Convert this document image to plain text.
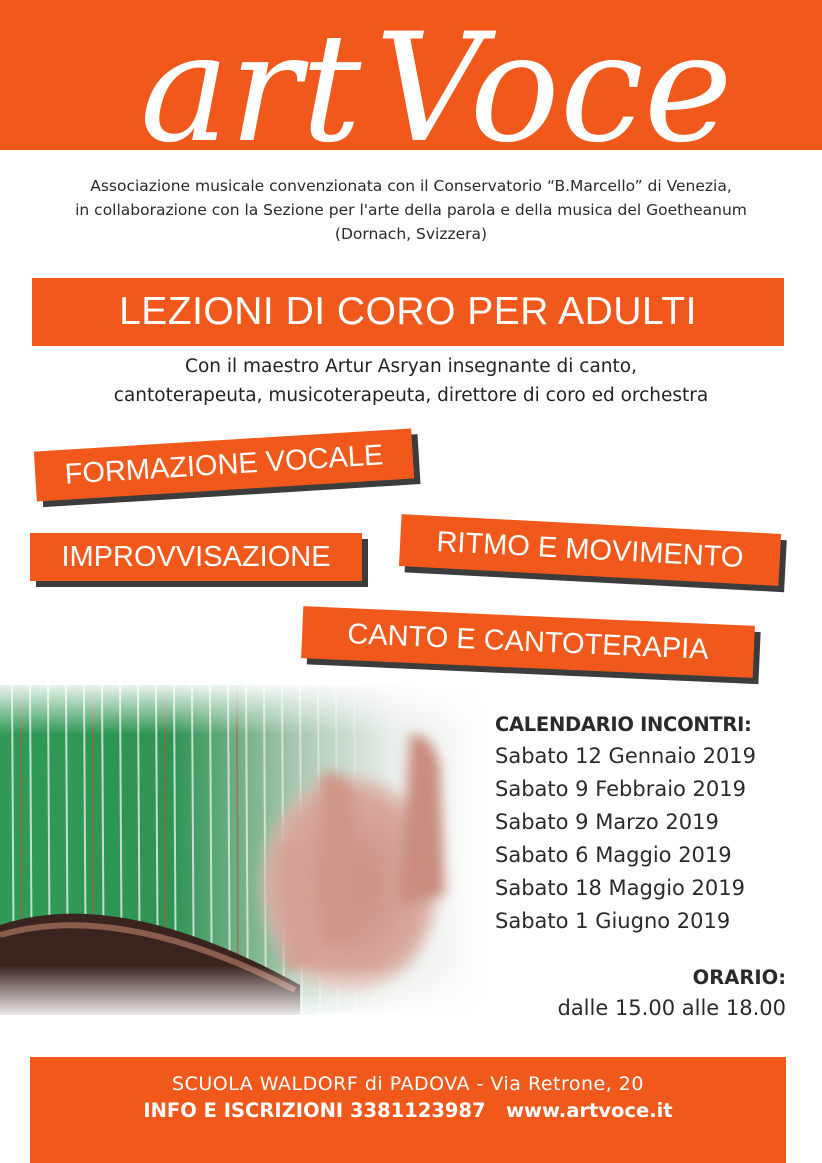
art Voce
Associazione musicale convenzionata con il Conservatorio “B.Marcello” di Venezia,
in collaborazione con la Sezione per l'arte della parola e della musica del Goetheanum
(Dornach, Svizzera)
LEZIONI DI CORO PER ADULTI
Con il maestro Artur Asryan insegnante di canto,
cantoterapeuta, musicoterapeuta, direttore di coro ed orchestra
FORMAZIONE VOCALE
IMPROVVISAZIONE	RITMO E MOVIMENTO
CANTO E CANTOTERAPIA
CALENDARIO INCONTRI:
Sabato 12 Gennaio 2019
Sabato 9 Febbraio 2019
Sabato 9 Marzo 2019
Sabato 6 Maggio 2019
Sabato 18 Maggio 2019
Sabato 1 Giugno 2019
ORARIO:
dalle 15.00 alle 18.00
SCUOLA WALDORF di PADOVA - Via Retrone, 20
INFO E ISCRIZIONI 3381123987 www.artvoce.it
